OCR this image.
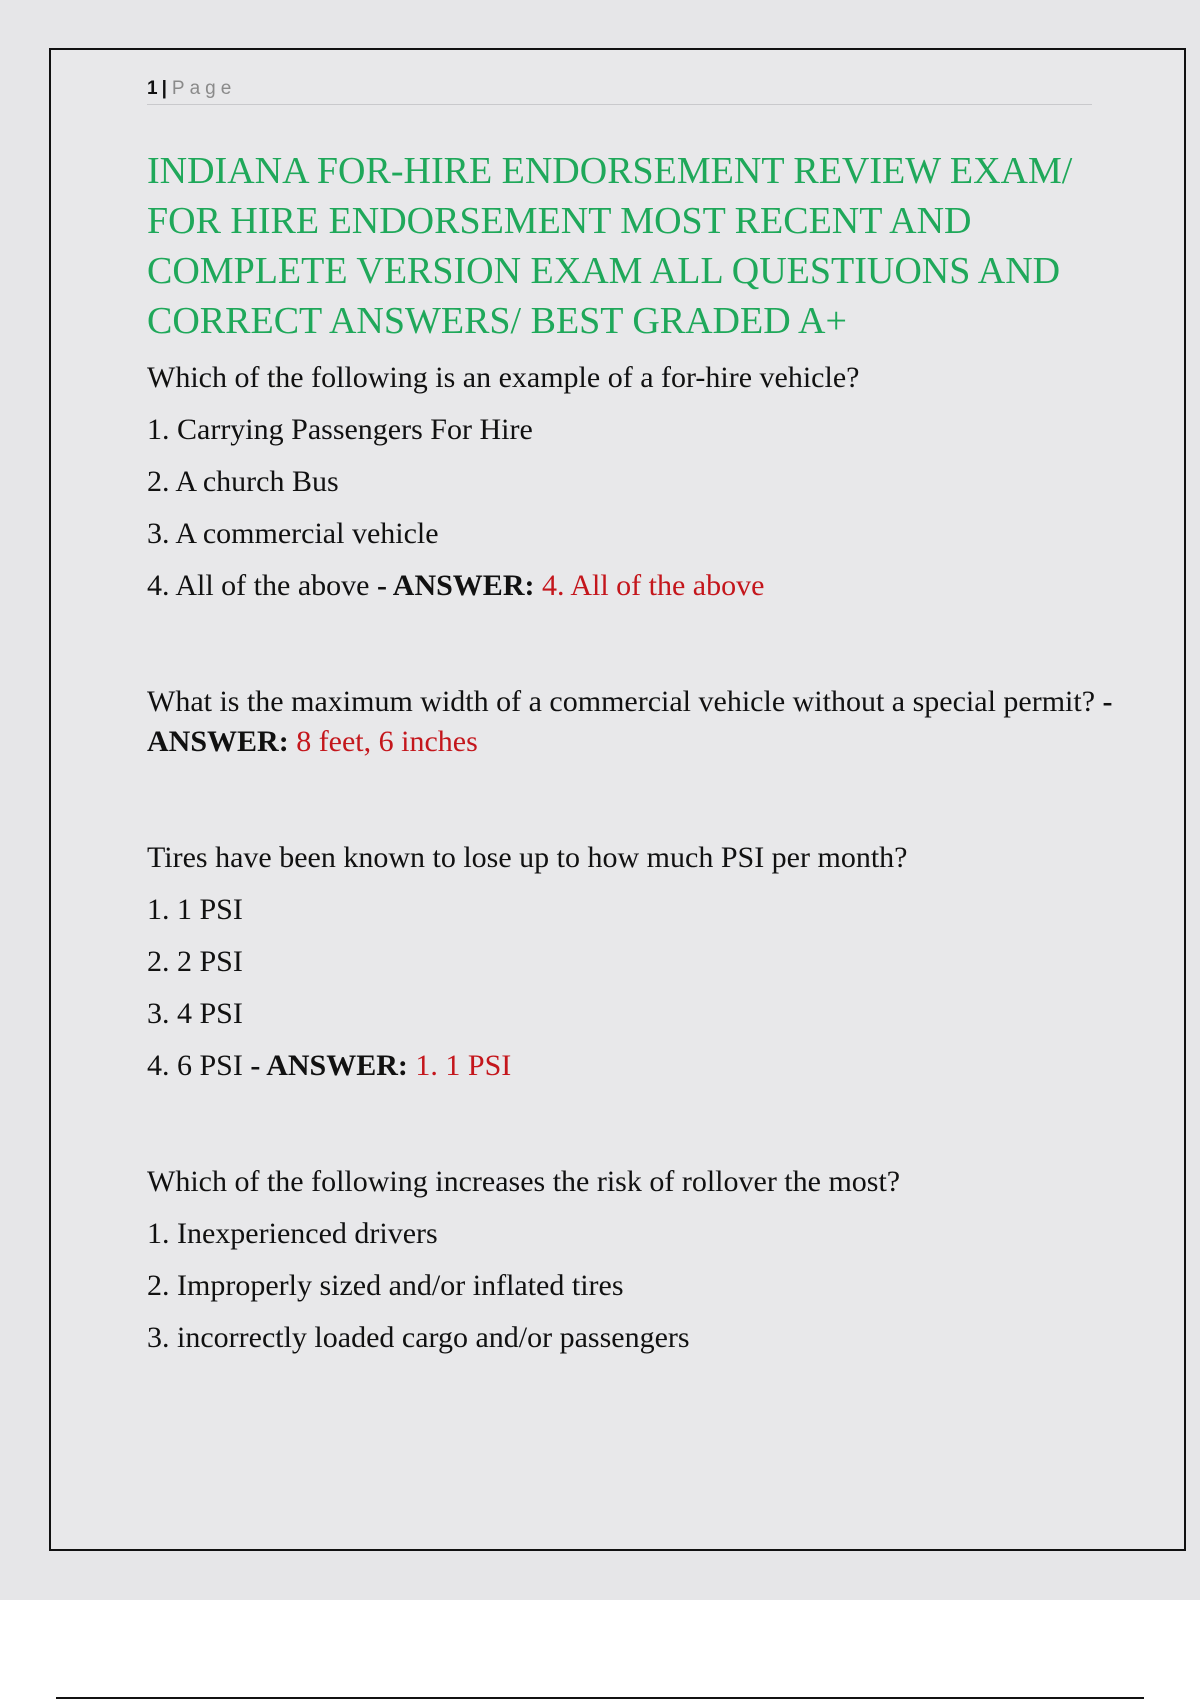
1 | Page
INDIANA FOR-HIRE ENDORSEMENT REVIEW EXAM/ FOR HIRE ENDORSEMENT MOST RECENT AND COMPLETE VERSION EXAM ALL QUESTIUONS AND CORRECT ANSWERS/ BEST GRADED A+

Which of the following is an example of a for-hire vehicle?

1. Carrying Passengers For Hire

2. A church Bus

3. A commercial vehicle

4. All of the above - ANSWER: 4. All of the above

What is the maximum width of a commercial vehicle without a special permit? - ANSWER: 8 feet, 6 inches

Tires have been known to lose up to how much PSI per month?

1. 1 PSI

2. 2 PSI

3. 4 PSI

4. 6 PSI - ANSWER: 1. 1 PSI

Which of the following increases the risk of rollover the most?

1. Inexperienced drivers

2. Improperly sized and/or inflated tires

3. incorrectly loaded cargo and/or passengers
